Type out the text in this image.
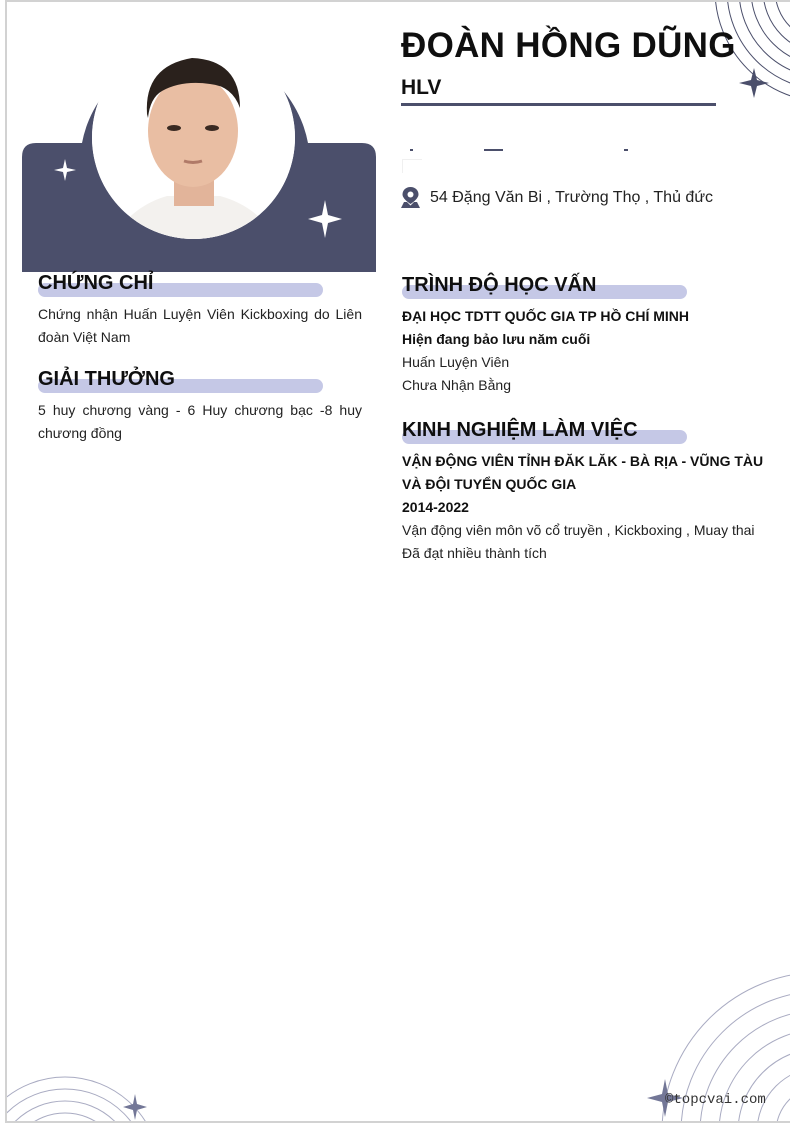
ĐOÀN HỒNG DŨNG
HLV
54 Đặng Văn Bi , Trường Thọ , Thủ đức
CHỨNG CHỈ
Chứng nhận Huấn Luyện Viên Kickboxing do Liên đoàn Việt Nam
GIẢI THƯỞNG
5 huy chương vàng - 6 Huy chương bạc -8 huy chương đồng
TRÌNH ĐỘ HỌC VẤN
ĐẠI HỌC TDTT QUỐC GIA TP HỒ CHÍ MINH
Hiện đang bảo lưu năm cuối
Huấn Luyện Viên
Chưa Nhận Bằng
KINH NGHIỆM LÀM VIỆC
VẬN ĐỘNG VIÊN TỈNH ĐĂK LĂK - BÀ RỊA - VŨNG TÀU VÀ ĐỘI TUYỂN QUỐC GIA
2014-2022
Vận động viên môn võ cổ truyền , Kickboxing , Muay thai
Đã đạt nhiều thành tích
©topcvai.com
